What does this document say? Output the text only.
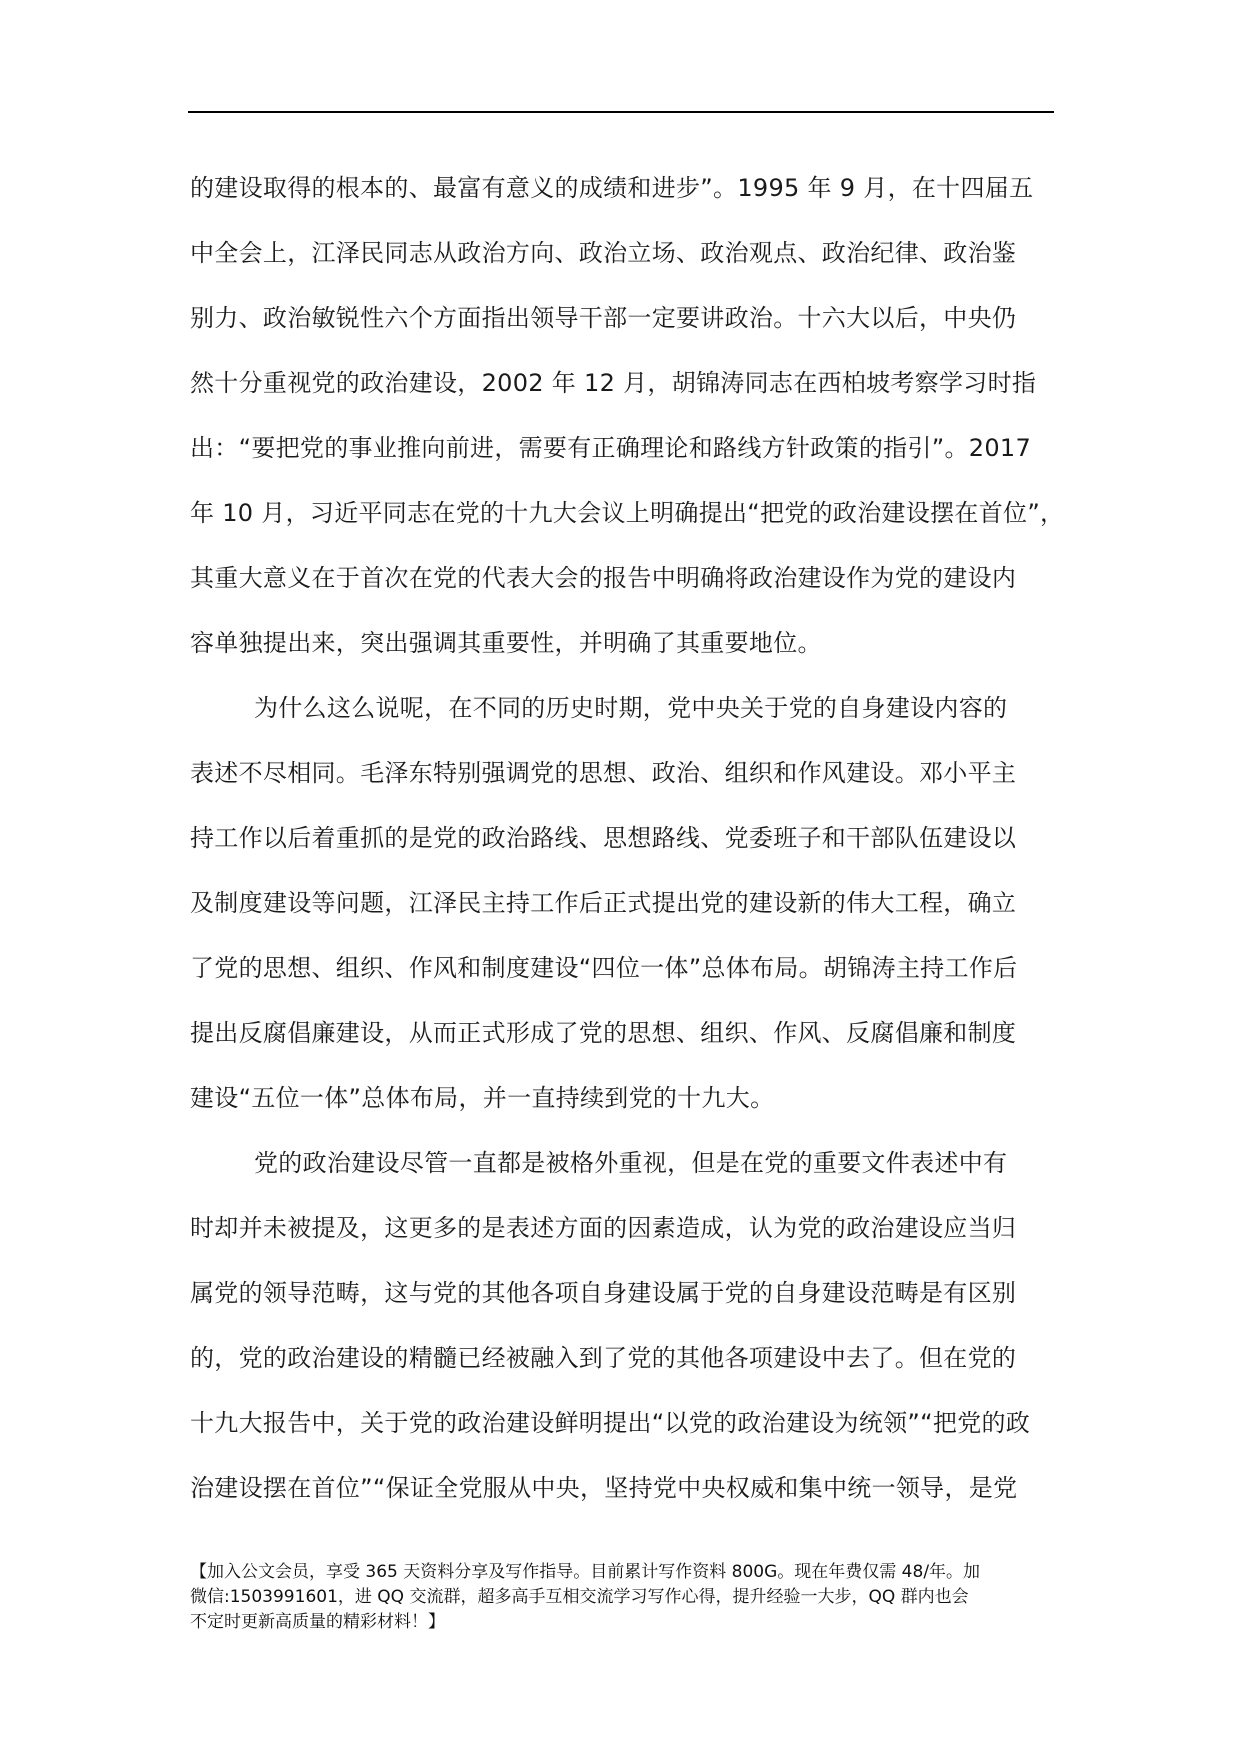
的建设取得的根本的、最富有意义的成绩和进步”。1995 年 9 月，在十四届五
中全会上，江泽民同志从政治方向、政治立场、政治观点、政治纪律、政治鉴
别力、政治敏锐性六个方面指出领导干部一定要讲政治。十六大以后，中央仍
然十分重视党的政治建设，2002 年 12 月，胡锦涛同志在西柏坡考察学习时指
出：“要把党的事业推向前进，需要有正确理论和路线方针政策的指引”。2017
年 10 月，习近平同志在党的十九大会议上明确提出“把党的政治建设摆在首位”，
其重大意义在于首次在党的代表大会的报告中明确将政治建设作为党的建设内
容单独提出来，突出强调其重要性，并明确了其重要地位。
为什么这么说呢，在不同的历史时期，党中央关于党的自身建设内容的
表述不尽相同。毛泽东特别强调党的思想、政治、组织和作风建设。邓小平主
持工作以后着重抓的是党的政治路线、思想路线、党委班子和干部队伍建设以
及制度建设等问题，江泽民主持工作后正式提出党的建设新的伟大工程，确立
了党的思想、组织、作风和制度建设“四位一体”总体布局。胡锦涛主持工作后
提出反腐倡廉建设，从而正式形成了党的思想、组织、作风、反腐倡廉和制度
建设“五位一体”总体布局，并一直持续到党的十九大。
党的政治建设尽管一直都是被格外重视，但是在党的重要文件表述中有
时却并未被提及，这更多的是表述方面的因素造成，认为党的政治建设应当归
属党的领导范畴，这与党的其他各项自身建设属于党的自身建设范畴是有区别
的，党的政治建设的精髓已经被融入到了党的其他各项建设中去了。但在党的
十九大报告中，关于党的政治建设鲜明提出“以党的政治建设为统领”“把党的政
治建设摆在首位”“保证全党服从中央，坚持党中央权威和集中统一领导，是党
【加入公文会员，享受 365 天资料分享及写作指导。目前累计写作资料 800G。现在年费仅需 48/年。加
微信:1503991601，进 QQ 交流群，超多高手互相交流学习写作心得，提升经验一大步，QQ 群内也会
不定时更新高质量的精彩材料！】
